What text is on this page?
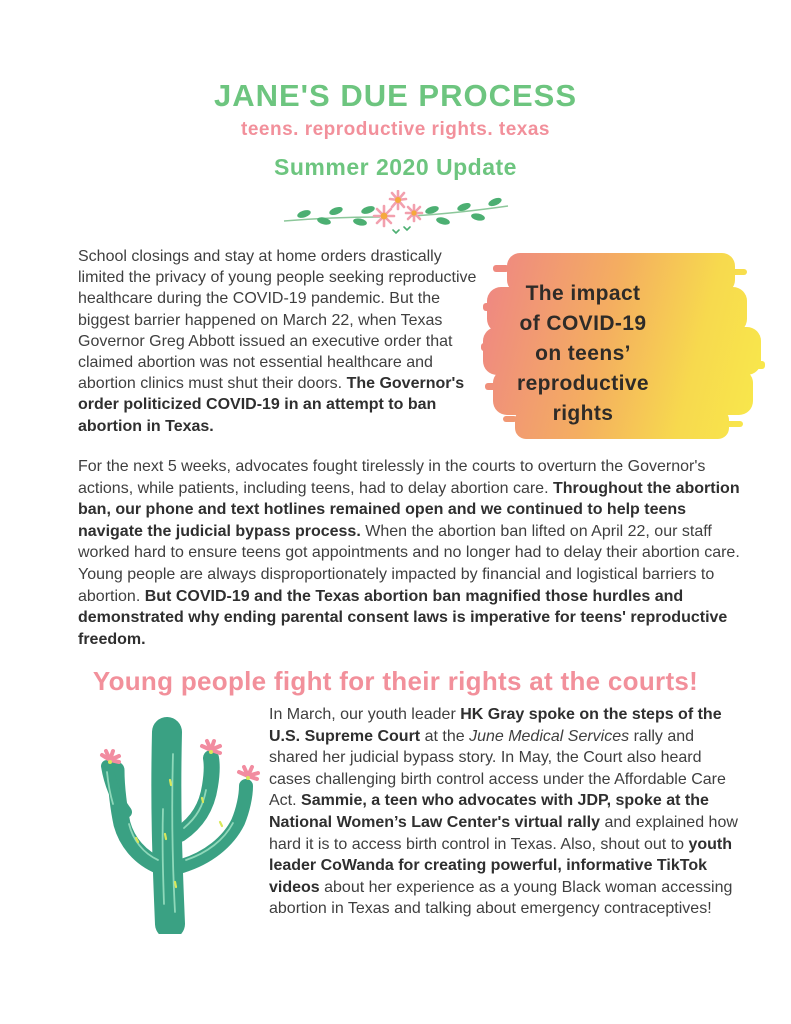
JANE'S DUE PROCESS
teens. reproductive rights. texas
Summer 2020 Update

School closings and stay at home orders drastically limited the privacy of young people seeking reproductive healthcare during the COVID-19 pandemic. But the biggest barrier happened on March 22, when Texas Governor Greg Abbott issued an executive order that claimed abortion was not essential healthcare and abortion clinics must shut their doors. The Governor's order politicized COVID-19 in an attempt to ban abortion in Texas.

The impact
of COVID-19
on teens’
reproductive
rights

For the next 5 weeks, advocates fought tirelessly in the courts to overturn the Governor's actions, while patients, including teens, had to delay abortion care. Throughout the abortion ban, our phone and text hotlines remained open and we continued to help teens navigate the judicial bypass process. When the abortion ban lifted on April 22, our staff worked hard to ensure teens got appointments and no longer had to delay their abortion care. Young people are always disproportionately impacted by financial and logistical barriers to abortion. But COVID-19 and the Texas abortion ban magnified those hurdles and demonstrated why ending parental consent laws is imperative for teens' reproductive freedom.

Young people fight for their rights at the courts!

In March, our youth leader HK Gray spoke on the steps of the U.S. Supreme Court at the June Medical Services rally and shared her judicial bypass story. In May, the Court also heard cases challenging birth control access under the Affordable Care Act. Sammie, a teen who advocates with JDP, spoke at the National Women’s Law Center's virtual rally and explained how hard it is to access birth control in Texas. Also, shout out to youth leader CoWanda for creating powerful, informative TikTok videos about her experience as a young Black woman accessing abortion in Texas and talking about emergency contraceptives!
